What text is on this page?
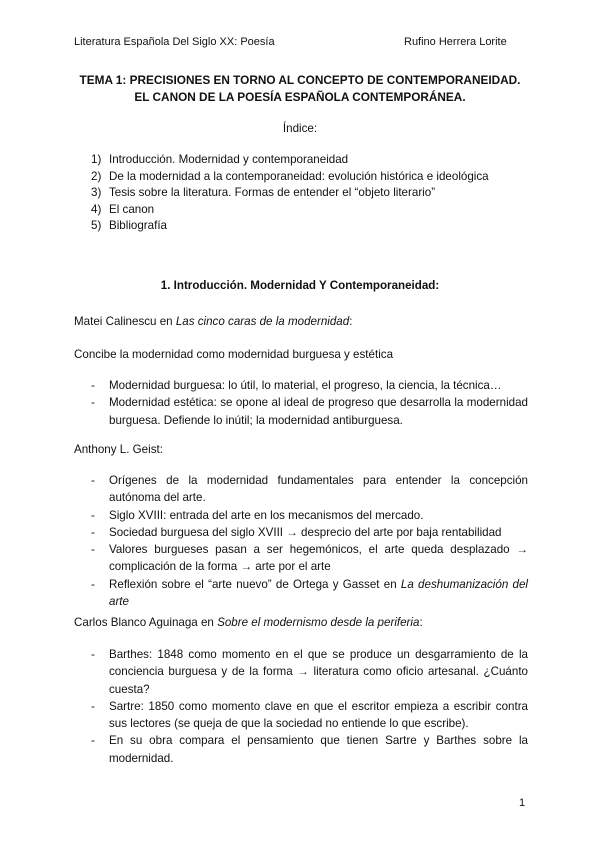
Literatura Española Del Siglo XX: Poesía	Rufino Herrera Lorite
TEMA 1: PRECISIONES EN TORNO AL CONCEPTO DE CONTEMPORANEIDAD.
EL CANON DE LA POESÍA ESPAÑOLA CONTEMPORÁNEA.
Índice:
1) Introducción. Modernidad y contemporaneidad
2) De la modernidad a la contemporaneidad: evolución histórica e ideológica
3) Tesis sobre la literatura. Formas de entender el “objeto literario”
4) El canon
5) Bibliografía
1. Introducción. Modernidad Y Contemporaneidad:
Matei Calinescu en Las cinco caras de la modernidad:
Concibe la modernidad como modernidad burguesa y estética
- Modernidad burguesa: lo útil, lo material, el progreso, la ciencia, la técnica…
- Modernidad estética: se opone al ideal de progreso que desarrolla la modernidad burguesa. Defiende lo inútil; la modernidad antiburguesa.
Anthony L. Geist:
- Orígenes de la modernidad fundamentales para entender la concepción autónoma del arte.
- Siglo XVIII: entrada del arte en los mecanismos del mercado.
- Sociedad burguesa del siglo XVIII → desprecio del arte por baja rentabilidad
- Valores burgueses pasan a ser hegemónicos, el arte queda desplazado → complicación de la forma → arte por el arte
- Reflexión sobre el “arte nuevo” de Ortega y Gasset en La deshumanización del arte
Carlos Blanco Aguinaga en Sobre el modernismo desde la periferia:
- Barthes: 1848 como momento en el que se produce un desgarramiento de la conciencia burguesa y de la forma → literatura como oficio artesanal. ¿Cuánto cuesta?
- Sartre: 1850 como momento clave en que el escritor empieza a escribir contra sus lectores (se queja de que la sociedad no entiende lo que escribe).
- En su obra compara el pensamiento que tienen Sartre y Barthes sobre la modernidad.
1
